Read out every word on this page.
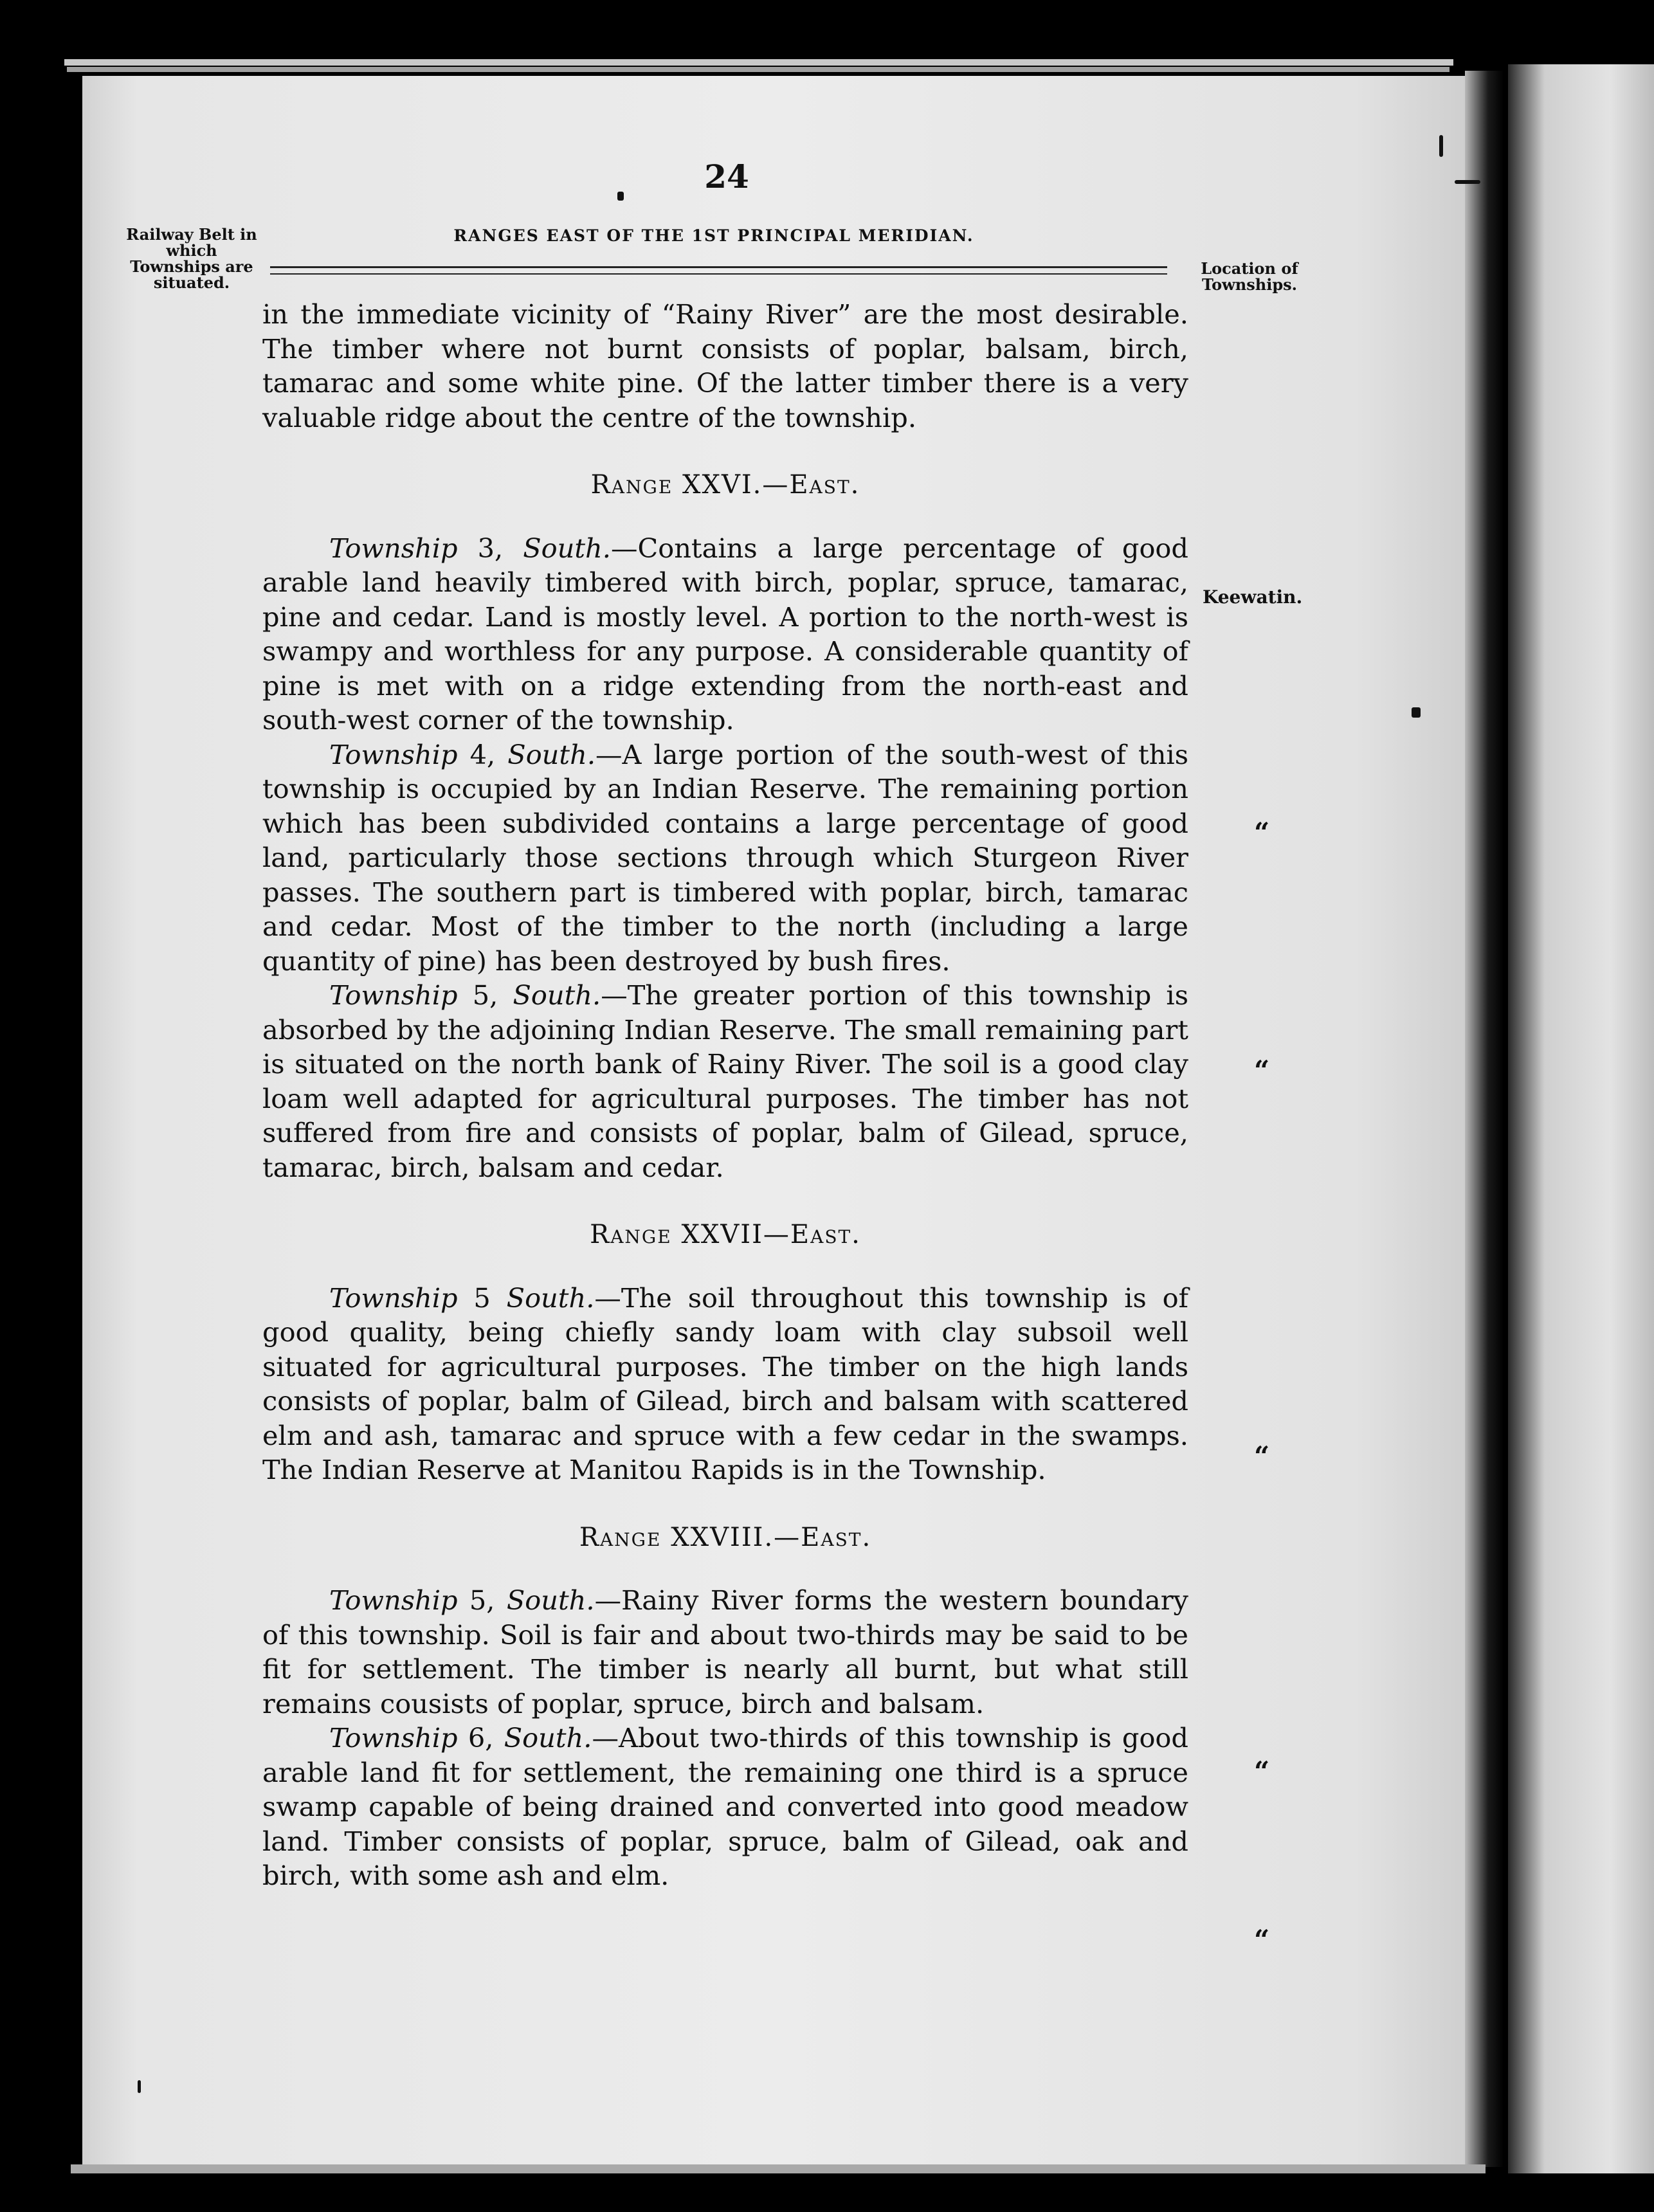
24
Railway Belt in which Townships are situated.
RANGES EAST OF THE 1ST PRINCIPAL MERIDIAN.
Location of Townships.

in the immediate vicinity of “Rainy River” are the most desirable. The timber where not burnt consists of poplar, balsam, birch, tamarac and some white pine. Of the latter timber there is a very valuable ridge about the centre of the township.

Range XXVI.—East.

Township 3, South.—Contains a large percentage of good arable land heavily timbered with birch, poplar, spruce, tamarac, pine and cedar. Land is mostly level. A portion to the north-west is swampy and worthless for any purpose. A considerable quantity of pine is met with on a ridge extending from the north-east and south-west corner of the township.

Township 4, South.—A large portion of the south-west of this township is occupied by an Indian Reserve. The remaining portion which has been subdivided contains a large percentage of good land, particularly those sections through which Sturgeon River passes. The southern part is timbered with poplar, birch, tamarac and cedar. Most of the timber to the north (including a large quantity of pine) has been destroyed by bush fires.

Township 5, South.—The greater portion of this township is absorbed by the adjoining Indian Reserve. The small remaining part is situated on the north bank of Rainy River. The soil is a good clay loam well adapted for agricultural purposes. The timber has not suffered from fire and consists of poplar, balm of Gilead, spruce, tamarac, birch, balsam and cedar.

Range XXVII—East.

Township 5 South.—The soil throughout this township is of good quality, being chiefly sandy loam with clay subsoil well situated for agricultural purposes. The timber on the high lands consists of poplar, balm of Gilead, birch and balsam with scattered elm and ash, tamarac and spruce with a few cedar in the swamps. The Indian Reserve at Manitou Rapids is in the Township.

Range XXVIII.—East.

Township 5, South.—Rainy River forms the western boundary of this township. Soil is fair and about two-thirds may be said to be fit for settlement. The timber is nearly all burnt, but what still remains cousists of poplar, spruce, birch and balsam.

Township 6, South.—About two-thirds of this township is good arable land fit for settlement, the remaining one third is a spruce swamp capable of being drained and converted into good meadow land. Timber consists of poplar, spruce, balm of Gilead, oak and birch, with some ash and elm.

Keewatin.
“
“
“
“
“
